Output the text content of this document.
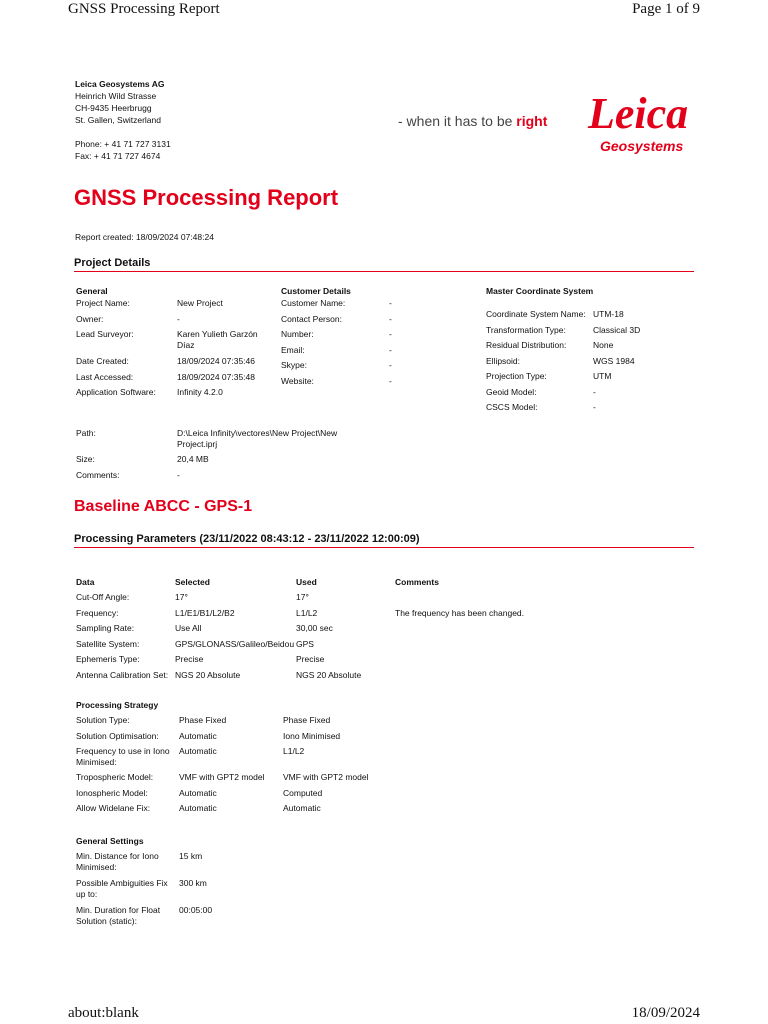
GNSS Processing Report	Page 1 of 9
Leica Geosystems AG
Heinrich Wild Strasse
CH-9435 Heerbrugg
St. Gallen, Switzerland
Phone: + 41 71 727 3131
Fax: + 41 71 727 4674
- when it has to be right Leica
Geosystems
GNSS Processing Report
Report created: 18/09/2024 07:48:24
Project Details
General	
Project Name:	New Project
Owner:	-
Lead Surveyor:	Karen Yulieth Garzón Díaz
Date Created:	18/09/2024 07:35:46
Last Accessed:	18/09/2024 07:35:48
Application Software:	Infinity 4.2.0
Customer Details	
Customer Name:	-
Contact Person:	-
Number:	-
Email:	-
Skype:	-
Website:	-
Master Coordinate System	
Coordinate System Name:	UTM-18
Transformation Type:	Classical 3D
Residual Distribution:	None
Ellipsoid:	WGS 1984
Projection Type:	UTM
Geoid Model:	-
CSCS Model:	-
Path:	D:\Leica Infinity\vectores\New Project\New Project.iprj
Size:	20,4 MB
Comments:	-
Baseline ABCC - GPS-1
Processing Parameters (23/11/2022 08:43:12 - 23/11/2022 12:00:09)
Data	Selected	Used	Comments
Cut-Off Angle:	17°	17°	
Frequency:	L1/E1/B1/L2/B2	L1/L2	The frequency has been changed.
Sampling Rate:	Use All	30,00 sec	
Satellite System:	GPS/GLONASS/Galileo/Beidou	GPS	
Ephemeris Type:	Precise	Precise	
Antenna Calibration Set:	NGS 20 Absolute	NGS 20 Absolute	
Processing Strategy		
Solution Type:	Phase Fixed	Phase Fixed
Solution Optimisation:	Automatic	Iono Minimised
Frequency to use in Iono Minimised:	Automatic	L1/L2
Tropospheric Model:	VMF with GPT2 model	VMF with GPT2 model
Ionospheric Model:	Automatic	Computed
Allow Widelane Fix:	Automatic	Automatic
General Settings	
Min. Distance for Iono Minimised:	15 km
Possible Ambiguities Fix up to:	300 km
Min. Duration for Float Solution (static):	00:05:00
about:blank	18/09/2024
